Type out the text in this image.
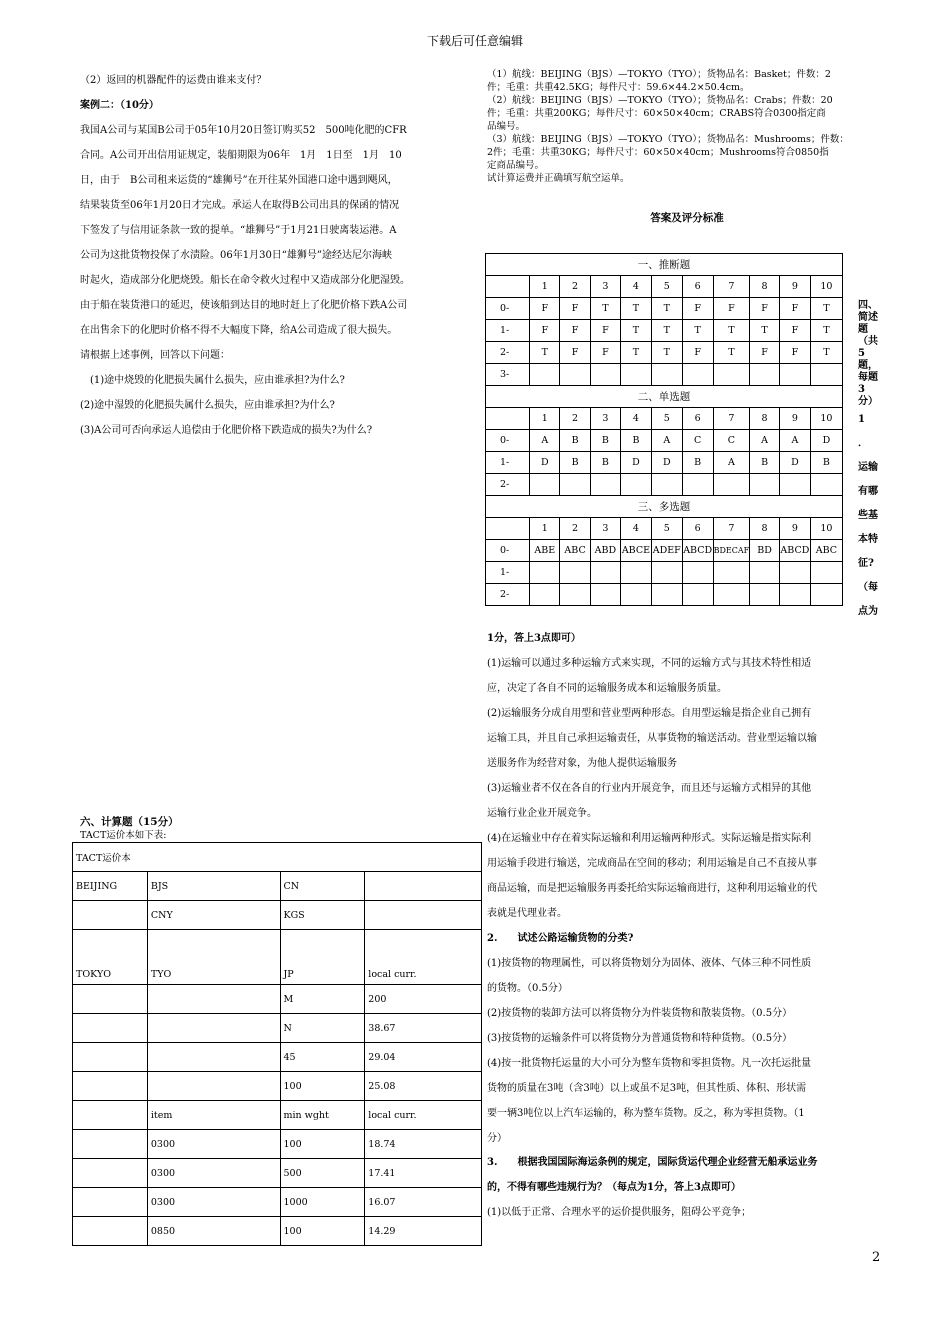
下载后可任意编辑
（2）返回的机器配件的运费由谁来支付？
案例二：（10分）
我国A公司与某国B公司于05年10月20日签订购买52　500吨化肥的CFR
合同。A公司开出信用证规定，装船期限为06年　1月　1日至　1月　10
日，由于　B公司租来运货的“雄狮号”在开往某外国港口途中遇到飓风，
结果装货至06年1月20日才完成。承运人在取得B公司出具的保函的情况
下签发了与信用证条款一致的提单。“雄狮号”于1月21日驶离装运港。A
公司为这批货物投保了水渍险。06年1月30日“雄狮号”途经达尼尔海峡
时起火，造成部分化肥烧毁。船长在命令救火过程中又造成部分化肥湿毁。
由于船在装货港口的延迟，使该船到达目的地时赶上了化肥价格下跌A公司
在出售余下的化肥时价格不得不大幅度下降，给A公司造成了很大损失。
请根据上述事例，回答以下问题：
　(1)途中烧毁的化肥损失属什么损失，应由谁承担?为什么?
(2)途中湿毁的化肥损失属什么损失，应由谁承担?为什么?
(3)A公司可否向承运人追偿由于化肥价格下跌造成的损失?为什么?
六、计算题（15分）
TACT运价本如下表:
TACT运价本			
BEIJING	BJS	CN	
	CNY	KGS	
TOKYO	TYO	JP	local curr.
		M	200
		N	38.67
		45	29.04
		100	25.08
	item	min wght	local curr.
	0300	100	18.74
	0300	500	17.41
	0300	1000	16.07
	0850	100	14.29
（1）航线：BEIJING（BJS）—TOKYO（TYO）；货物品名：Basket；件数：2
件；毛重：共重42.5KG；每件尺寸：59.6×44.2×50.4cm。
（2）航线：BEIJING（BJS）—TOKYO（TYO）；货物品名：Crabs；件数：20
件；毛重：共重200KG；每件尺寸：60×50×40cm；CRABS符合0300指定商
品编号。
（3）航线：BEIJING（BJS）—TOKYO（TYO）；货物品名：Mushrooms；件数：
2件；毛重：共重30KG；每件尺寸：60×50×40cm；Mushrooms符合0850指
定商品编号。
试计算运费并正确填写航空运单。
答案及评分标准
一、推断题										
	1	2	3	4	5	6	7	8	9	10
0-	F	F	T	T	T	F	F	F	F	T
1-	F	F	F	T	T	T	T	T	F	T
2-	T	F	F	T	T	F	T	F	F	T
3-										
二、单选题										
	1	2	3	4	5	6	7	8	9	10
0-	A	B	B	B	A	C	C	A	A	D
1-	D	B	B	D	D	B	A	B	D	B
2-										
三、多选题										
	1	2	3	4	5	6	7	8	9	10
0-	ABE	ABC	ABD	ABCE	ADEF	ABCD	BDECAF	BD	ABCD	ABC
1-										
2-										
四、
简述
题
（共
5题，
每题
3
分）
1
．
运输
有哪
些基
本特
征?
（每
点为
1分，答上3点即可）
(1)运输可以通过多种运输方式来实现，不同的运输方式与其技术特性相适
应，决定了各自不同的运输服务成本和运输服务质量。
(2)运输服务分成自用型和营业型两种形态。自用型运输是指企业自己拥有
运输工具，并且自己承担运输责任，从事货物的输送活动。营业型运输以输
送服务作为经营对象，为他人提供运输服务
(3)运输业者不仅在各自的行业内开展竞争，而且还与运输方式相异的其他
运输行业企业开展竞争。
(4)在运输业中存在着实际运输和利用运输两种形式。实际运输是指实际利
用运输手段进行输送，完成商品在空间的移动；利用运输是自己不直接从事
商品运输，而是把运输服务再委托给实际运输商进行，这种利用运输业的代
表就是代理业者。
2.　　试述公路运输货物的分类?
(1)按货物的物理属性，可以将货物划分为固体、液体、气体三种不同性质
的货物。（0.5分）
(2)按货物的装卸方法可以将货物分为件装货物和散装货物。（0.5分）
(3)按货物的运输条件可以将货物分为普通货物和特种货物。（0.5分）
(4)按一批货物托运量的大小可分为整车货物和零担货物。凡一次托运批量
货物的质量在3吨（含3吨）以上或虽不足3吨，但其性质、体积、形状需
要一辆3吨位以上汽车运输的，称为整车货物。反之，称为零担货物。（1
分）
3.　　根据我国国际海运条例的规定，国际货运代理企业经营无船承运业务
的，不得有哪些违规行为？（每点为1分，答上3点即可）
(1)以低于正常、合理水平的运价提供服务，阻碍公平竞争；
2
